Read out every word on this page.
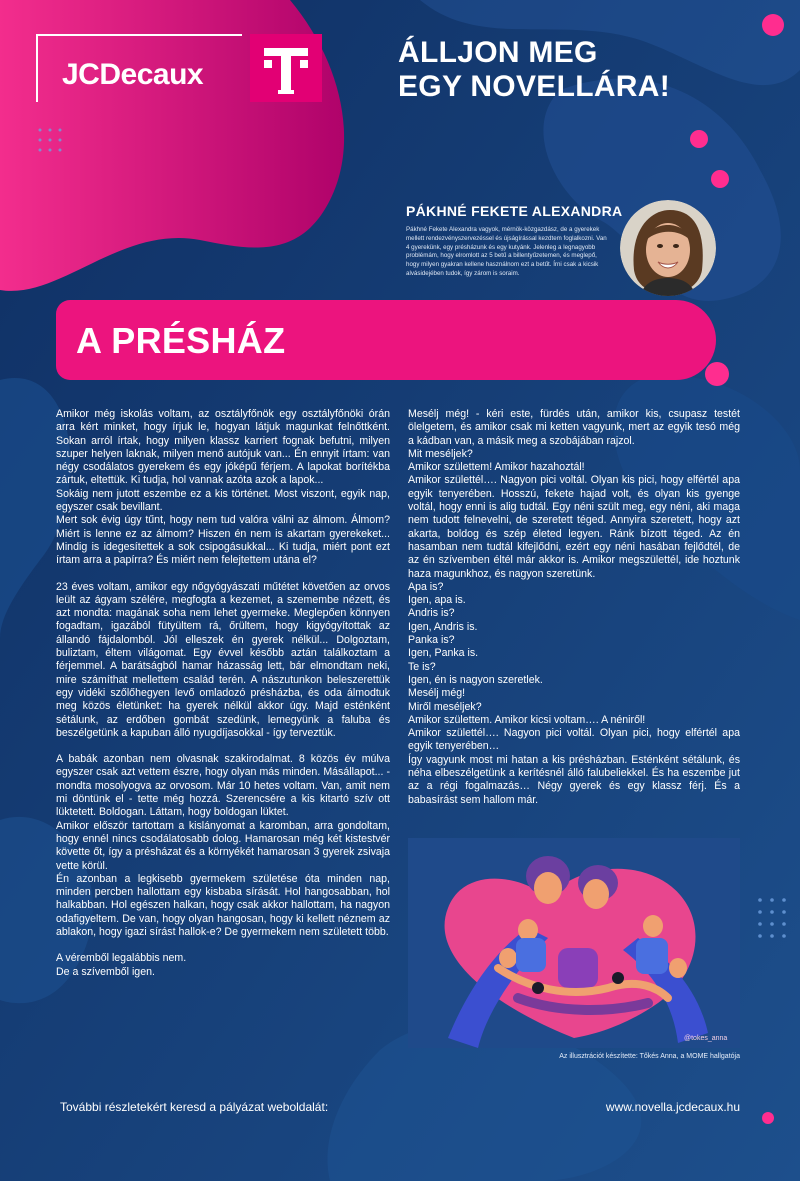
JCDecaux
ÁLLJON MEG
EGY NOVELLÁRA!
PÁKHNÉ FEKETE ALEXANDRA
Pákhné Fekete Alexandra vagyok, mérnök-közgazdász, de a gyerekek mellett rendezvényszervezéssel és újságírással kezdtem foglalkozni. Van 4 gyerekünk, egy présházunk és egy kutyánk. Jelenleg a legnagyobb problémám, hogy elromlott az 5 betű a billentyűzetemen, és meglepő, hogy milyen gyakran kellene használnom ezt a betűt. Írni csak a kicsik alvásidejében tudok, így zárom is soraim.
A PRÉSHÁZ

Amikor még iskolás voltam, az osztályfőnök egy osztályfőnöki órán arra kért minket, hogy írjuk le, hogyan látjuk magunkat felnőttként. Sokan arról írtak, hogy milyen klassz karriert fognak befutni, milyen szuper helyen laknak, milyen menő autójuk van... Én ennyit írtam: van négy csodálatos gyerekem és egy jóképű férjem. A lapokat borítékba zártuk, eltettük. Ki tudja, hol vannak azóta azok a lapok...
Sokáig nem jutott eszembe ez a kis történet. Most viszont, egyik nap, egyszer csak bevillant.
Mert sok évig úgy tűnt, hogy nem tud valóra válni az álmom. Álmom? Miért is lenne ez az álmom? Hiszen én nem is akartam gyerekeket... Mindig is idegesítettek a sok csipogásukkal... Ki tudja, miért pont ezt írtam arra a papírra? És miért nem felejtettem utána el?

23 éves voltam, amikor egy nőgyógyászati műtétet követően az orvos leült az ágyam szélére, megfogta a kezemet, a szemembe nézett, és azt mondta: magának soha nem lehet gyermeke. Meglepően könnyen fogadtam, igazából fütyültem rá, őrültem, hogy kigyógyítottak az állandó fájdalomból. Jól elleszek én gyerek nélkül... Dolgoztam, buliztam, éltem világomat. Egy évvel később aztán találkoztam a férjemmel. A barátságból hamar házasság lett, bár elmondtam neki, mire számíthat mellettem család terén. A nászutunkon beleszerettük egy vidéki szőlőhegyen levő omladozó présházba, és oda álmodtuk meg közös életünket: ha gyerek nélkül akkor úgy. Majd esténként sétálunk, az erdőben gombát szedünk, lemegyünk a faluba és beszélgetünk a kapuban álló nyugdíjasokkal - így terveztük.

A babák azonban nem olvasnak szakirodalmat. 8 közös év múlva egyszer csak azt vettem észre, hogy olyan más minden. Másállapot... - mondta mosolyogva az orvosom. Már 10 hetes voltam. Van, amit nem mi döntünk el - tette még hozzá. Szerencsére a kis kitartó szív ott lüktetett. Boldogan. Láttam, hogy boldogan lüktet.
Amikor először tartottam a kislányomat a karomban, arra gondoltam, hogy ennél nincs csodálatosabb dolog. Hamarosan még két kistestvér követte őt, így a présházat és a környékét hamarosan 3 gyerek zsivaja vette körül.
Én azonban a legkisebb gyermekem születése óta minden nap, minden percben hallottam egy kisbaba sírását. Hol hangosabban, hol halkabban. Hol egészen halkan, hogy csak akkor hallottam, ha nagyon odafigyeltem. De van, hogy olyan hangosan, hogy ki kellett néznem az ablakon, hogy igazi sírást hallok-e? De gyermekem nem született több.

A véremből legalábbis nem.
De a szívemből igen.

Mesélj még! - kéri este, fürdés után, amikor kis, csupasz testét ölelgetem, és amikor csak mi ketten vagyunk, mert az egyik tesó még a kádban van, a másik meg a szobájában rajzol.
Mit meséljek?
Amikor születtem! Amikor hazahoztál!
Amikor születtél…. Nagyon pici voltál. Olyan kis pici, hogy elfértél apa egyik tenyerében. Hosszú, fekete hajad volt, és olyan kis gyenge voltál, hogy enni is alig tudtál. Egy néni szült meg, egy néni, aki maga nem tudott felnevelni, de szeretett téged. Annyira szeretett, hogy azt akarta, boldog és szép életed legyen. Ránk bízott téged. Az én hasamban nem tudtál kifejlődni, ezért egy néni hasában fejlődtél, de az én szívemben éltél már akkor is. Amikor megszülettél, ide hoztunk haza magunkhoz, és nagyon szeretünk.
Apa is?
Igen, apa is.
Andris is?
Igen, Andris is.
Panka is?
Igen, Panka is.
Te is?
Igen, én is nagyon szeretlek.
Mesélj még!
Miről meséljek?
Amikor születtem. Amikor kicsi voltam…. A néniről!
Amikor születtél…. Nagyon pici voltál. Olyan pici, hogy elfértél apa egyik tenyerében…
Így vagyunk most mi hatan a kis présházban. Esténként sétálunk, és néha elbeszélgetünk a kerítésnél álló falubeliekkel. És ha eszembe jut az a régi fogalmazás… Négy gyerek és egy klassz férj. És a babasírást sem hallom már.
@tokes_anna
Az illusztrációt készítette: Tőkés Anna, a MOME hallgatója
További részletekért keresd a pályázat weboldalát:	www.novella.jcdecaux.hu
